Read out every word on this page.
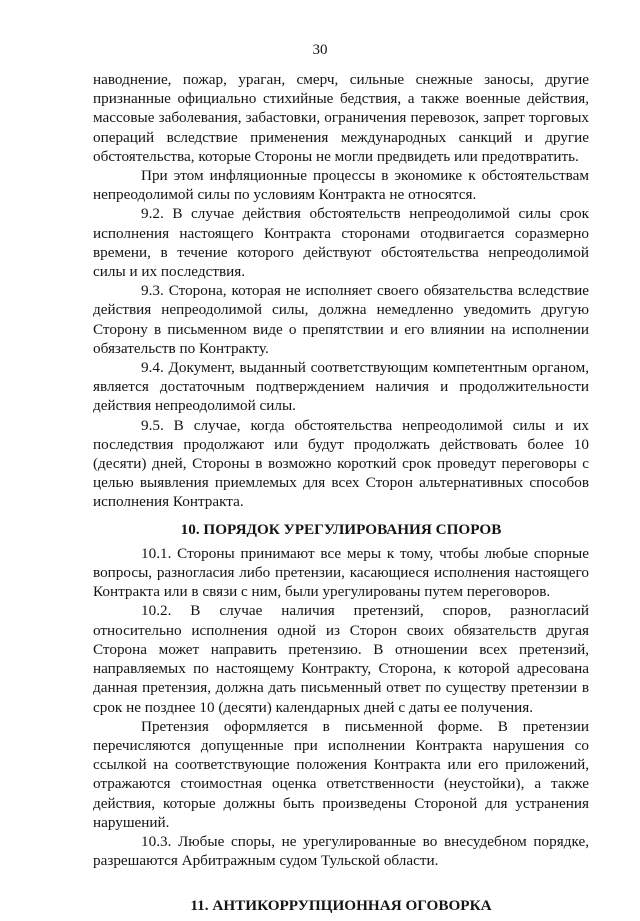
30

наводнение, пожар, ураган, смерч, сильные снежные заносы, другие признанные официально стихийные бедствия, а также военные действия, массовые заболевания, забастовки, ограничения перевозок, запрет торговых операций вследствие применения международных санкций и другие обстоятельства, которые Стороны не могли предвидеть или предотвратить.

При этом инфляционные процессы в экономике к обстоятельствам непреодолимой силы по условиям Контракта не относятся.

9.2. В случае действия обстоятельств непреодолимой силы срок исполнения настоящего Контракта сторонами отодвигается соразмерно времени, в течение которого действуют обстоятельства непреодолимой силы и их последствия.

9.3. Сторона, которая не исполняет своего обязательства вследствие действия непреодолимой силы, должна немедленно уведомить другую Сторону в письменном виде о препятствии и его влиянии на исполнении обязательств по Контракту.

9.4. Документ, выданный соответствующим компетентным органом, является достаточным подтверждением наличия и продолжительности действия непреодолимой силы.

9.5. В случае, когда обстоятельства непреодолимой силы и их последствия продолжают или будут продолжать действовать более 10 (десяти) дней, Стороны в возможно короткий срок проведут переговоры с целью выявления приемлемых для всех Сторон альтернативных способов исполнения Контракта.

10. ПОРЯДОК УРЕГУЛИРОВАНИЯ СПОРОВ

10.1. Стороны принимают все меры к тому, чтобы любые спорные вопросы, разногласия либо претензии, касающиеся исполнения настоящего Контракта или в связи с ним, были урегулированы путем переговоров.

10.2. В случае наличия претензий, споров, разногласий относительно исполнения одной из Сторон своих обязательств другая Сторона может направить претензию. В отношении всех претензий, направляемых по настоящему Контракту, Сторона, к которой адресована данная претензия, должна дать письменный ответ по существу претензии в срок не позднее 10 (десяти) календарных дней с даты ее получения.

Претензия оформляется в письменной форме. В претензии перечисляются допущенные при исполнении Контракта нарушения со ссылкой на соответствующие положения Контракта или его приложений, отражаются стоимостная оценка ответственности (неустойки), а также действия, которые должны быть произведены Стороной для устранения нарушений.

10.3. Любые споры, не урегулированные во внесудебном порядке, разрешаются Арбитражным судом Тульской области.

11. АНТИКОРРУПЦИОННАЯ ОГОВОРКА
